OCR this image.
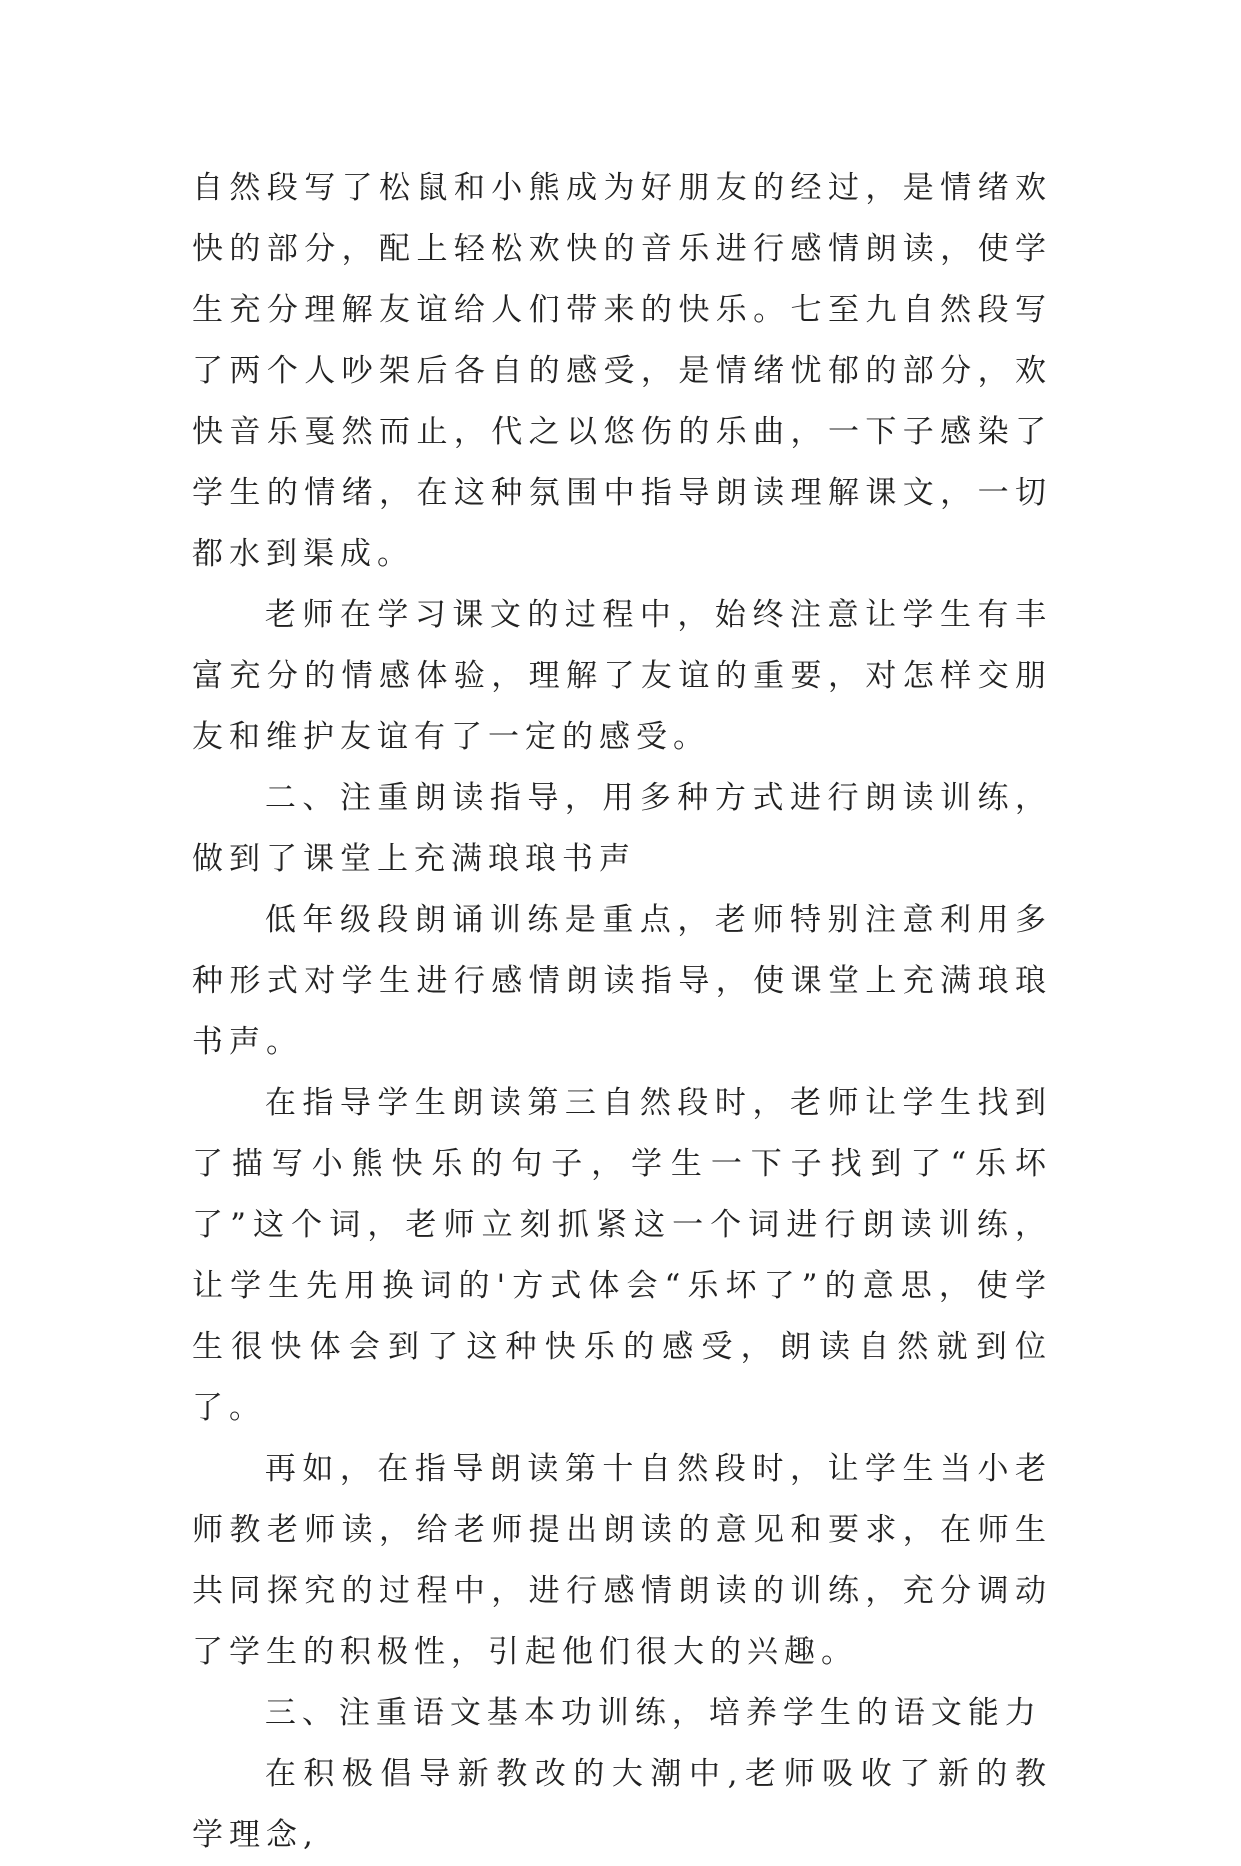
自然段写了松鼠和小熊成为好朋友的经过，是情绪欢快的部分，配上轻松欢快的音乐进行感情朗读，使学生充分理解友谊给人们带来的快乐。七至九自然段写了两个人吵架后各自的感受，是情绪忧郁的部分，欢快音乐戛然而止，代之以悠伤的乐曲，一下子感染了学生的情绪，在这种氛围中指导朗读理解课文，一切都水到渠成。

老师在学习课文的过程中，始终注意让学生有丰富充分的情感体验，理解了友谊的重要，对怎样交朋友和维护友谊有了一定的感受。

二、注重朗读指导，用多种方式进行朗读训练，做到了课堂上充满琅琅书声

低年级段朗诵训练是重点，老师特别注意利用多种形式对学生进行感情朗读指导，使课堂上充满琅琅书声。

在指导学生朗读第三自然段时，老师让学生找到了描写小熊快乐的句子，学生一下子找到了“乐坏了”这个词，老师立刻抓紧这一个词进行朗读训练，让学生先用换词的'方式体会“乐坏了”的意思，使学生很快体会到了这种快乐的感受，朗读自然就到位了。

再如，在指导朗读第十自然段时，让学生当小老师教老师读，给老师提出朗读的意见和要求，在师生共同探究的过程中，进行感情朗读的训练，充分调动了学生的积极性，引起他们很大的兴趣。

三、注重语文基本功训练，培养学生的语文能力

在积极倡导新教改的大潮中,老师吸收了新的教学理念,
